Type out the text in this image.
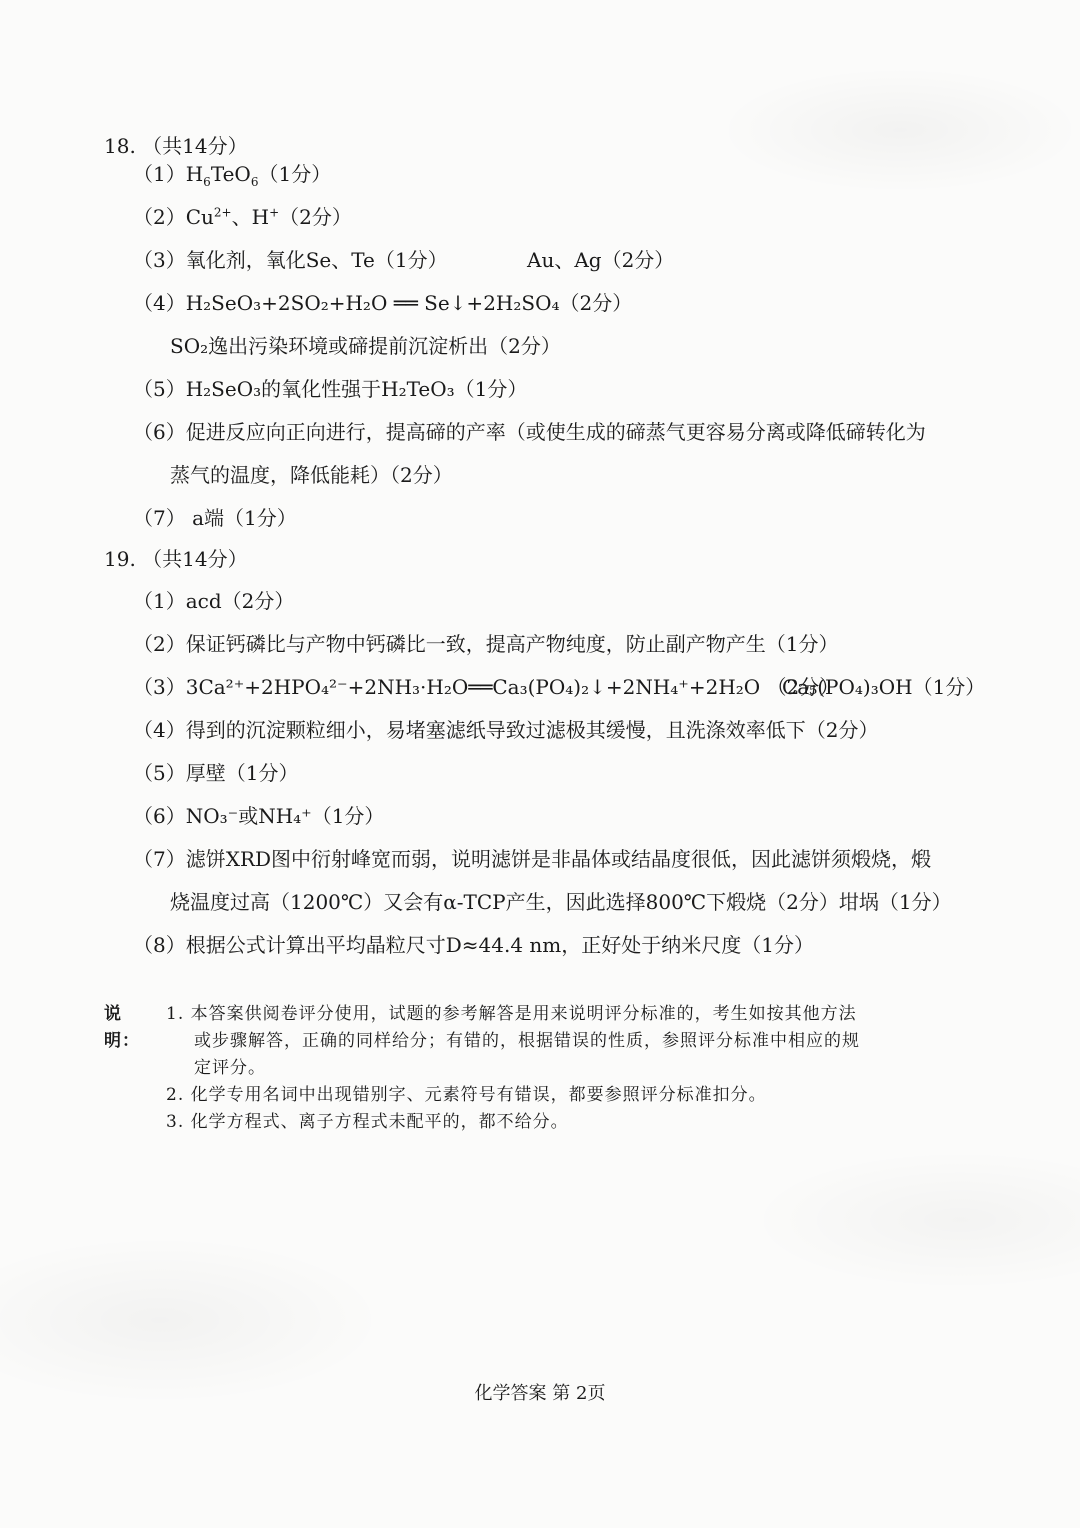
18. （共14分）
$(1)H_6TeO_6(1$分）
$(2)Cu^{2+}$、H+（2分）
（3）氧化剂，氧化Se、Te（1分）	Au、Ag（2分）
（4）H₂SeO₃+2SO₂+H₂O ══ Se↓+2H₂SO₄（2分）
SO₂逸出污染环境或碲提前沉淀析出（2分）
（5）H₂SeO₃的氧化性强于H₂TeO₃（1分）
（6）促进反应向正向进行，提高碲的产率（或使生成的碲蒸气更容易分离或降低碲转化为
蒸气的温度，降低能耗）（2分）
（7） a端（1分）
19. （共14分）
（1）acd（2分）
（2）保证钙磷比与产物中钙磷比一致，提高产物纯度，防止副产物产生（1分）
（3）3Ca²⁺+2HPO₄²⁻+2NH₃·H₂O══Ca₃(PO₄)₂↓+2NH₄⁺+2H₂O （2分）
Ca₅(PO₄)₃OH（1分）
（4）得到的沉淀颗粒细小，易堵塞滤纸导致过滤极其缓慢，且洗涤效率低下（2分）
（5）厚壁（1分）
（6）NO₃⁻或NH₄⁺（1分）
（7）滤饼XRD图中衍射峰宽而弱，说明滤饼是非晶体或结晶度很低，因此滤饼须煅烧，煅
烧温度过高（1200℃）又会有α-TCP产生，因此选择800℃下煅烧（2分）坩埚（1分）
（8）根据公式计算出平均晶粒尺寸D≈44.4 nm，正好处于纳米尺度（1分）
说明：
1. 本答案供阅卷评分使用，试题的参考解答是用来说明评分标准的，考生如按其他方法
或步骤解答，正确的同样给分；有错的，根据错误的性质，参照评分标准中相应的规
定评分。
2. 化学专用名词中出现错别字、元素符号有错误，都要参照评分标准扣分。
3. 化学方程式、离子方程式未配平的，都不给分。
化学答案 第 2页
